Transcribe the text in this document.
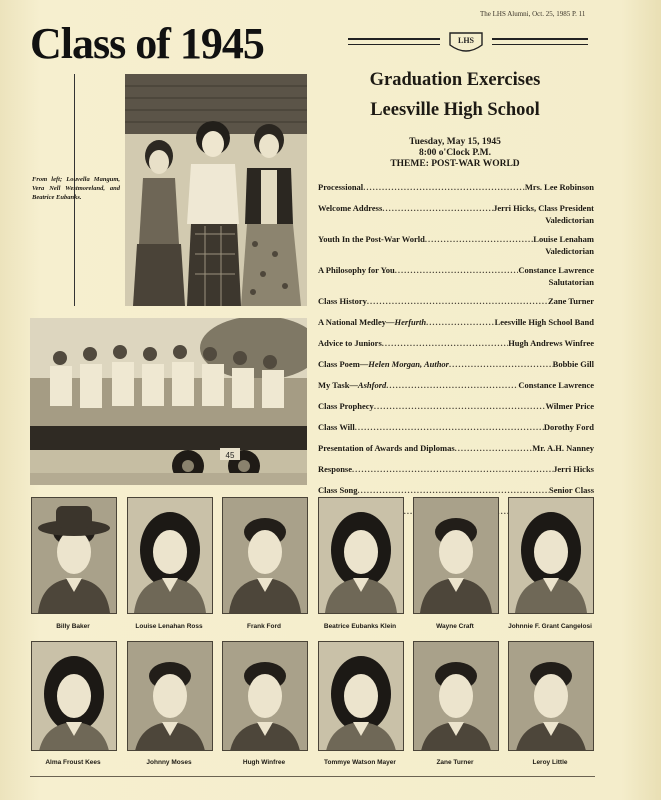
The LHS Alumni, Oct. 25, 1985 P. 11
Class of 1945	LHS
From left; Louvella Mangum, Vera Nell Westmoreland, and Beatrice Eubanks.
45
Graduation Exercises
Leesville High School
Tuesday, May 15, 1945
8:00 o'Clock P.M.
THEME: POST-WAR WORLD
Processional .....	Mrs. Lee Robinson
Welcome Address .....	Jerri Hicks, Class President
Valedictorian
Youth In the Post-War World .....	Louise Lenaham
Valedictorian
A Philosophy for You .....	Constance Lawrence
Salutatorian
Class History .....	Zane Turner
A National Medley— Herfurth .....	Leesville High School Band
Advice to Juniors .....	Hugh Andrews Winfree
Class Poem— Helen Morgan, Author .....	Bobbie Gill
My Task— Ashford .....	Constance Lawrence
Class Prophecy .....	Wilmer Price
Class Will .....	Dorothy Ford
Presentation of Awards and Diplomas .....	Mr. A.H. Nanney
Response .....	Jerri Hicks
Class Song .....	Senior Class
.....
Billy Baker	Louise Lenahan Ross	Frank Ford	Beatrice Eubanks Klein	Wayne Craft	Johnnie F. Grant Cangelosi
Alma Froust Kees	Johnny Moses	Hugh Winfree	Tommye Watson Mayer	Zane Turner	Leroy Little
